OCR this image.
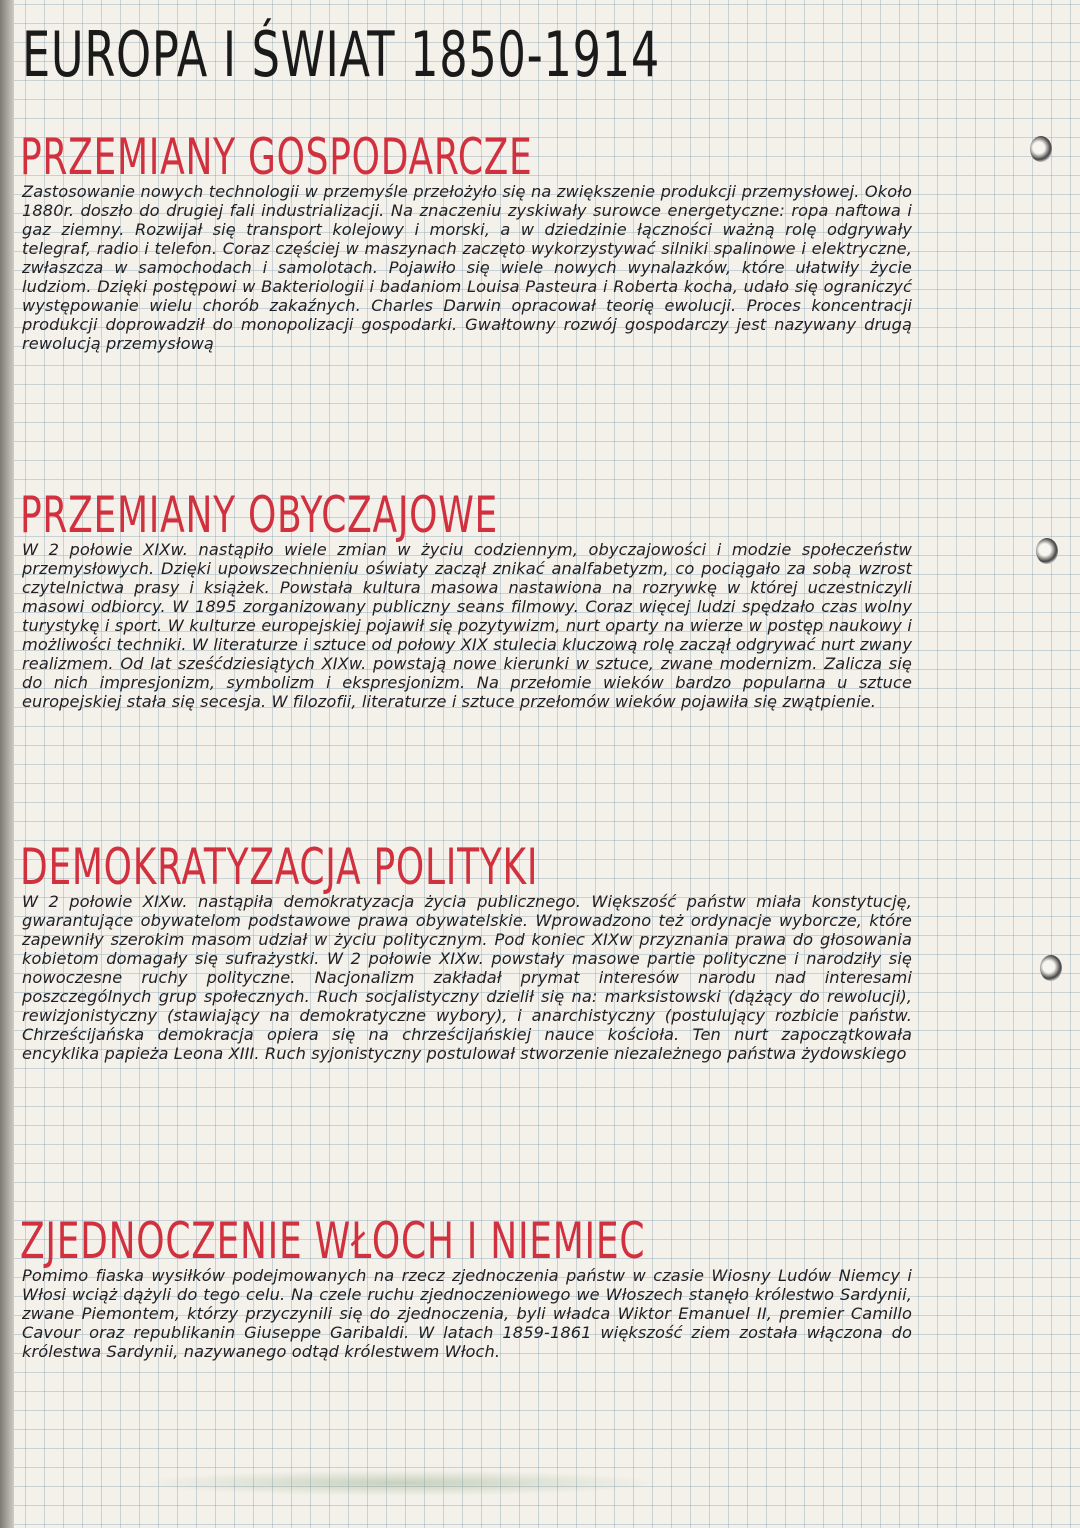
EUROPA I ŚWIAT 1850-1914
PRZEMIANY GOSPODARCZE

Zastosowanie nowych technologii w przemyśle przełożyło się na zwiększenie produkcji przemysłowej. Około 1880r. doszło do drugiej fali industrializacji. Na znaczeniu zyskiwały surowce energetyczne: ropa naftowa i gaz ziemny. Rozwijał się transport kolejowy i morski, a w dziedzinie łączności ważną rolę odgrywały telegraf, radio i telefon. Coraz częściej w maszynach zaczęto wykorzystywać silniki spalinowe i elektryczne, zwłaszcza w samochodach i samolotach. Pojawiło się wiele nowych wynalazków, które ułatwiły życie ludziom. Dzięki postępowi w Bakteriologii i badaniom Louisa Pasteura i Roberta kocha, udało się ograniczyć występowanie wielu chorób zakaźnych. Charles Darwin opracował teorię ewolucji. Proces koncentracji produkcji doprowadził do monopolizacji gospodarki. Gwałtowny rozwój gospodarczy jest nazywany drugą rewolucją przemysłową

PRZEMIANY OBYCZAJOWE

W 2 połowie XIXw. nastąpiło wiele zmian w życiu codziennym, obyczajowości i modzie społeczeństw przemysłowych. Dzięki upowszechnieniu oświaty zaczął znikać analfabetyzm, co pociągało za sobą wzrost czytelnictwa prasy i książek. Powstała kultura masowa nastawiona na rozrywkę w której uczestniczyli masowi odbiorcy. W 1895 zorganizowany publiczny seans filmowy. Coraz więcej ludzi spędzało czas wolny turystykę i sport. W kulturze europejskiej pojawił się pozytywizm, nurt oparty na wierze w postęp naukowy i możliwości techniki. W literaturze i sztuce od połowy XIX stulecia kluczową rolę zaczął odgrywać nurt zwany realizmem. Od lat sześćdziesiątych XIXw. powstają nowe kierunki w sztuce, zwane modernizm. Zalicza się do nich impresjonizm, symbolizm i ekspresjonizm. Na przełomie wieków bardzo popularna u sztuce europejskiej stała się secesja. W filozofii, literaturze i sztuce przełomów wieków pojawiła się zwątpienie.

DEMOKRATYZACJA POLITYKI

W 2 połowie XIXw. nastąpiła demokratyzacja życia publicznego. Większość państw miała konstytucję, gwarantujące obywatelom podstawowe prawa obywatelskie. Wprowadzono też ordynacje wyborcze, które zapewniły szerokim masom udział w życiu politycznym. Pod koniec XIXw przyznania prawa do głosowania kobietom domagały się sufrażystki. W 2 połowie XIXw. powstały masowe partie polityczne i narodziły się nowoczesne ruchy polityczne. Nacjonalizm zakładał prymat interesów narodu nad interesami poszczególnych grup społecznych. Ruch socjalistyczny dzielił się na: marksistowski (dążący do rewolucji), rewizjonistyczny (stawiający na demokratyczne wybory), i anarchistyczny (postulujący rozbicie państw. Chrześcijańska demokracja opiera się na chrześcijańskiej nauce kościoła. Ten nurt zapoczątkowała encyklika papieża Leona XIII. Ruch syjonistyczny postulował stworzenie niezależnego państwa żydowskiego

ZJEDNOCZENIE WŁOCH I NIEMIEC

Pomimo fiaska wysiłków podejmowanych na rzecz zjednoczenia państw w czasie Wiosny Ludów Niemcy i Włosi wciąż dążyli do tego celu. Na czele ruchu zjednoczeniowego we Włoszech stanęło królestwo Sardynii, zwane Piemontem, którzy przyczynili się do zjednoczenia, byli władca Wiktor Emanuel II, premier Camillo Cavour oraz republikanin Giuseppe Garibaldi. W latach 1859-1861 większość ziem została włączona do królestwa Sardynii, nazywanego odtąd królestwem Włoch.
